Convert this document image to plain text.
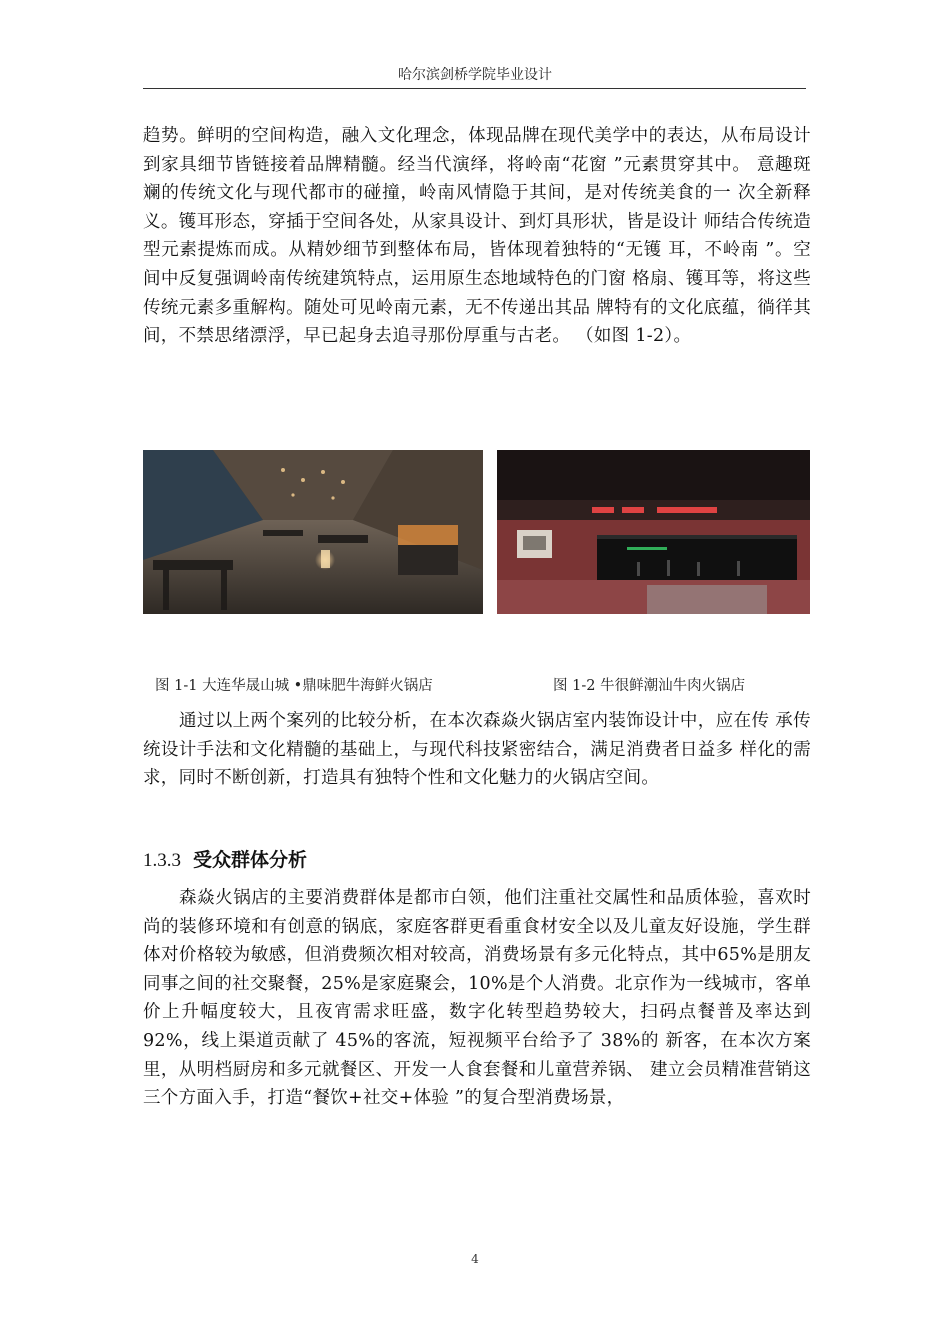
哈尔滨剑桥学院毕业设计

趋势。鲜明的空间构造，融入文化理念，体现品牌在现代美学中的表达，从布局设计到家具细节皆链接着品牌精髓。经当代演绎，将岭南“花窗 ”元素贯穿其中。 意趣斑斓的传统文化与现代都市的碰撞，岭南风情隐于其间，是对传统美食的一 次全新释义。镬耳形态，穿插于空间各处，从家具设计、到灯具形状，皆是设计 师结合传统造型元素提炼而成。从精妙细节到整体布局，皆体现着独特的“无镬 耳，不岭南 ”。空间中反复强调岭南传统建筑特点，运用原生态地域特色的门窗 格扇、镬耳等，将这些传统元素多重解构。随处可见岭南元素，无不传递出其品 牌特有的文化底蕴，徜徉其间，不禁思绪漂浮，早已起身去追寻那份厚重与古老。 （如图 1-2）。

图 1-1 大连华晟山城 •鼎味肥牛海鲜火锅店	图 1-2 牛很鲜潮汕牛肉火锅店

通过以上两个案列的比较分析，在本次森焱火锅店室内装饰设计中，应在传 承传统设计手法和文化精髓的基础上，与现代科技紧密结合，满足消费者日益多 样化的需求，同时不断创新，打造具有独特个性和文化魅力的火锅店空间。

1.3.3 受众群体分析

森焱火锅店的主要消费群体是都市白领，他们注重社交属性和品质体验，喜欢时尚的装修环境和有创意的锅底，家庭客群更看重食材安全以及儿童友好设施，学生群体对价格较为敏感，但消费频次相对较高，消费场景有多元化特点，其中65%是朋友同事之间的社交聚餐，25%是家庭聚会，10%是个人消费。北京作为一线城市，客单价上升幅度较大，且夜宵需求旺盛，数字化转型趋势较大，扫码点餐普及率达到 92%，线上渠道贡献了 45%的客流，短视频平台给予了 38%的 新客，在本次方案里，从明档厨房和多元就餐区、开发一人食套餐和儿童营养锅、 建立会员精准营销这三个方面入手，打造“餐饮+社交+体验 ”的复合型消费场景，

4
